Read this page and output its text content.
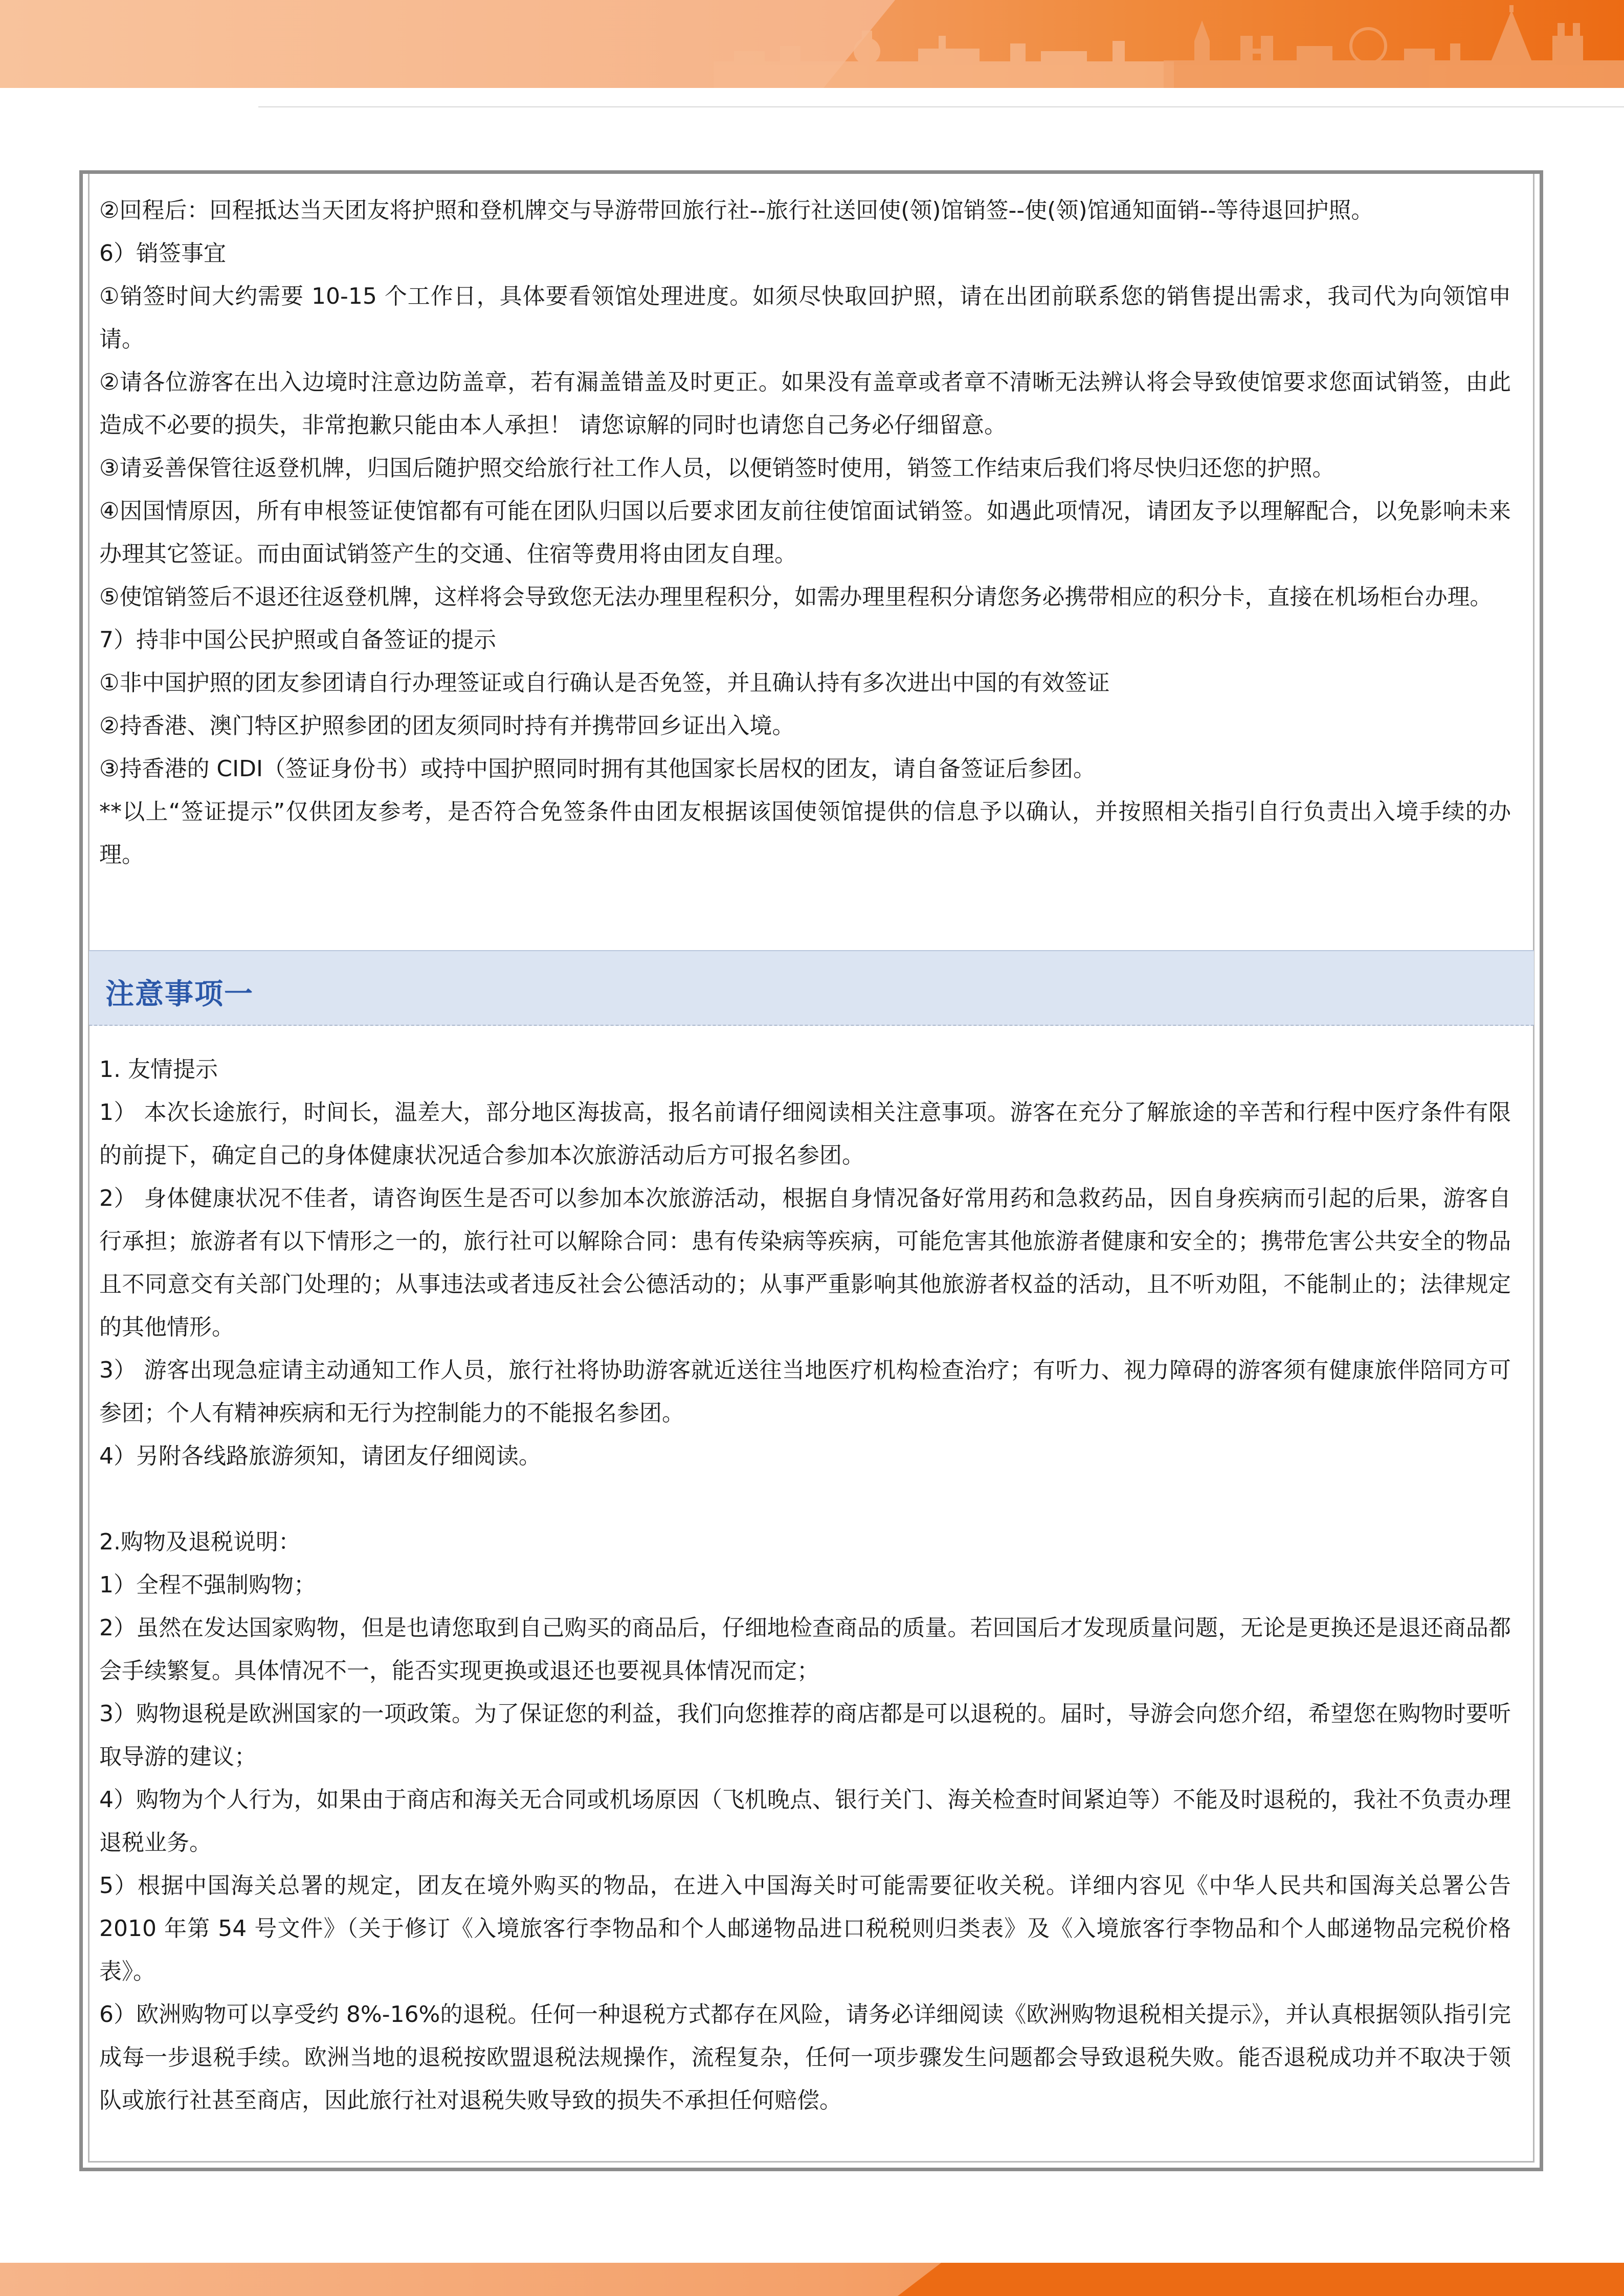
②回程后：回程抵达当天团友将护照和登机牌交与导游带回旅行社--旅行社送回使(领)馆销签--使(领)馆通知面销--等待退回护照。

6）销签事宜

①销签时间大约需要 10-15 个工作日，具体要看领馆处理进度。如须尽快取回护照，请在出团前联系您的销售提出需求，我司代为向领馆申请。

②请各位游客在出入边境时注意边防盖章，若有漏盖错盖及时更正。如果没有盖章或者章不清晰无法辨认将会导致使馆要求您面试销签，由此造成不必要的损失，非常抱歉只能由本人承担！ 请您谅解的同时也请您自己务必仔细留意。

③请妥善保管往返登机牌，归国后随护照交给旅行社工作人员，以便销签时使用，销签工作结束后我们将尽快归还您的护照。

④因国情原因，所有申根签证使馆都有可能在团队归国以后要求团友前往使馆面试销签。如遇此项情况，请团友予以理解配合，以免影响未来办理其它签证。而由面试销签产生的交通、住宿等费用将由团友自理。

⑤使馆销签后不退还往返登机牌，这样将会导致您无法办理里程积分，如需办理里程积分请您务必携带相应的积分卡，直接在机场柜台办理。

7）持非中国公民护照或自备签证的提示

①非中国护照的团友参团请自行办理签证或自行确认是否免签，并且确认持有多次进出中国的有效签证

②持香港、澳门特区护照参团的团友须同时持有并携带回乡证出入境。

③持香港的 CIDI（签证身份书）或持中国护照同时拥有其他国家长居权的团友，请自备签证后参团。

**以上“签证提示”仅供团友参考，是否符合免签条件由团友根据该国使领馆提供的信息予以确认，并按照相关指引自行负责出入境手续的办理。

注意事项一

1. 友情提示

1） 本次长途旅行，时间长，温差大，部分地区海拔高，报名前请仔细阅读相关注意事项。游客在充分了解旅途的辛苦和行程中医疗条件有限的前提下，确定自己的身体健康状况适合参加本次旅游活动后方可报名参团。

2） 身体健康状况不佳者，请咨询医生是否可以参加本次旅游活动，根据自身情况备好常用药和急救药品，因自身疾病而引起的后果，游客自行承担；旅游者有以下情形之一的，旅行社可以解除合同：患有传染病等疾病，可能危害其他旅游者健康和安全的；携带危害公共安全的物品且不同意交有关部门处理的；从事违法或者违反社会公德活动的；从事严重影响其他旅游者权益的活动，且不听劝阻，不能制止的；法律规定的其他情形。

3） 游客出现急症请主动通知工作人员，旅行社将协助游客就近送往当地医疗机构检查治疗；有听力、视力障碍的游客须有健康旅伴陪同方可参团；个人有精神疾病和无行为控制能力的不能报名参团。

4）另附各线路旅游须知，请团友仔细阅读。

2.购物及退税说明：

1）全程不强制购物；

2）虽然在发达国家购物，但是也请您取到自己购买的商品后，仔细地检查商品的质量。若回国后才发现质量问题，无论是更换还是退还商品都会手续繁复。具体情况不一，能否实现更换或退还也要视具体情况而定；

3）购物退税是欧洲国家的一项政策。为了保证您的利益，我们向您推荐的商店都是可以退税的。届时，导游会向您介绍，希望您在购物时要听取导游的建议；

4）购物为个人行为，如果由于商店和海关无合同或机场原因（飞机晚点、银行关门、海关检查时间紧迫等）不能及时退税的，我社不负责办理退税业务。

5）根据中国海关总署的规定，团友在境外购买的物品，在进入中国海关时可能需要征收关税。详细内容见《中华人民共和国海关总署公告 2010 年第 54 号文件》（关于修订《入境旅客行李物品和个人邮递物品进口税税则归类表》及《入境旅客行李物品和个人邮递物品完税价格表》。

6）欧洲购物可以享受约 8%-16%的退税。任何一种退税方式都存在风险，请务必详细阅读《欧洲购物退税相关提示》，并认真根据领队指引完成每一步退税手续。欧洲当地的退税按欧盟退税法规操作，流程复杂，任何一项步骤发生问题都会导致退税失败。能否退税成功并不取决于领队或旅行社甚至商店，因此旅行社对退税失败导致的损失不承担任何赔偿。
